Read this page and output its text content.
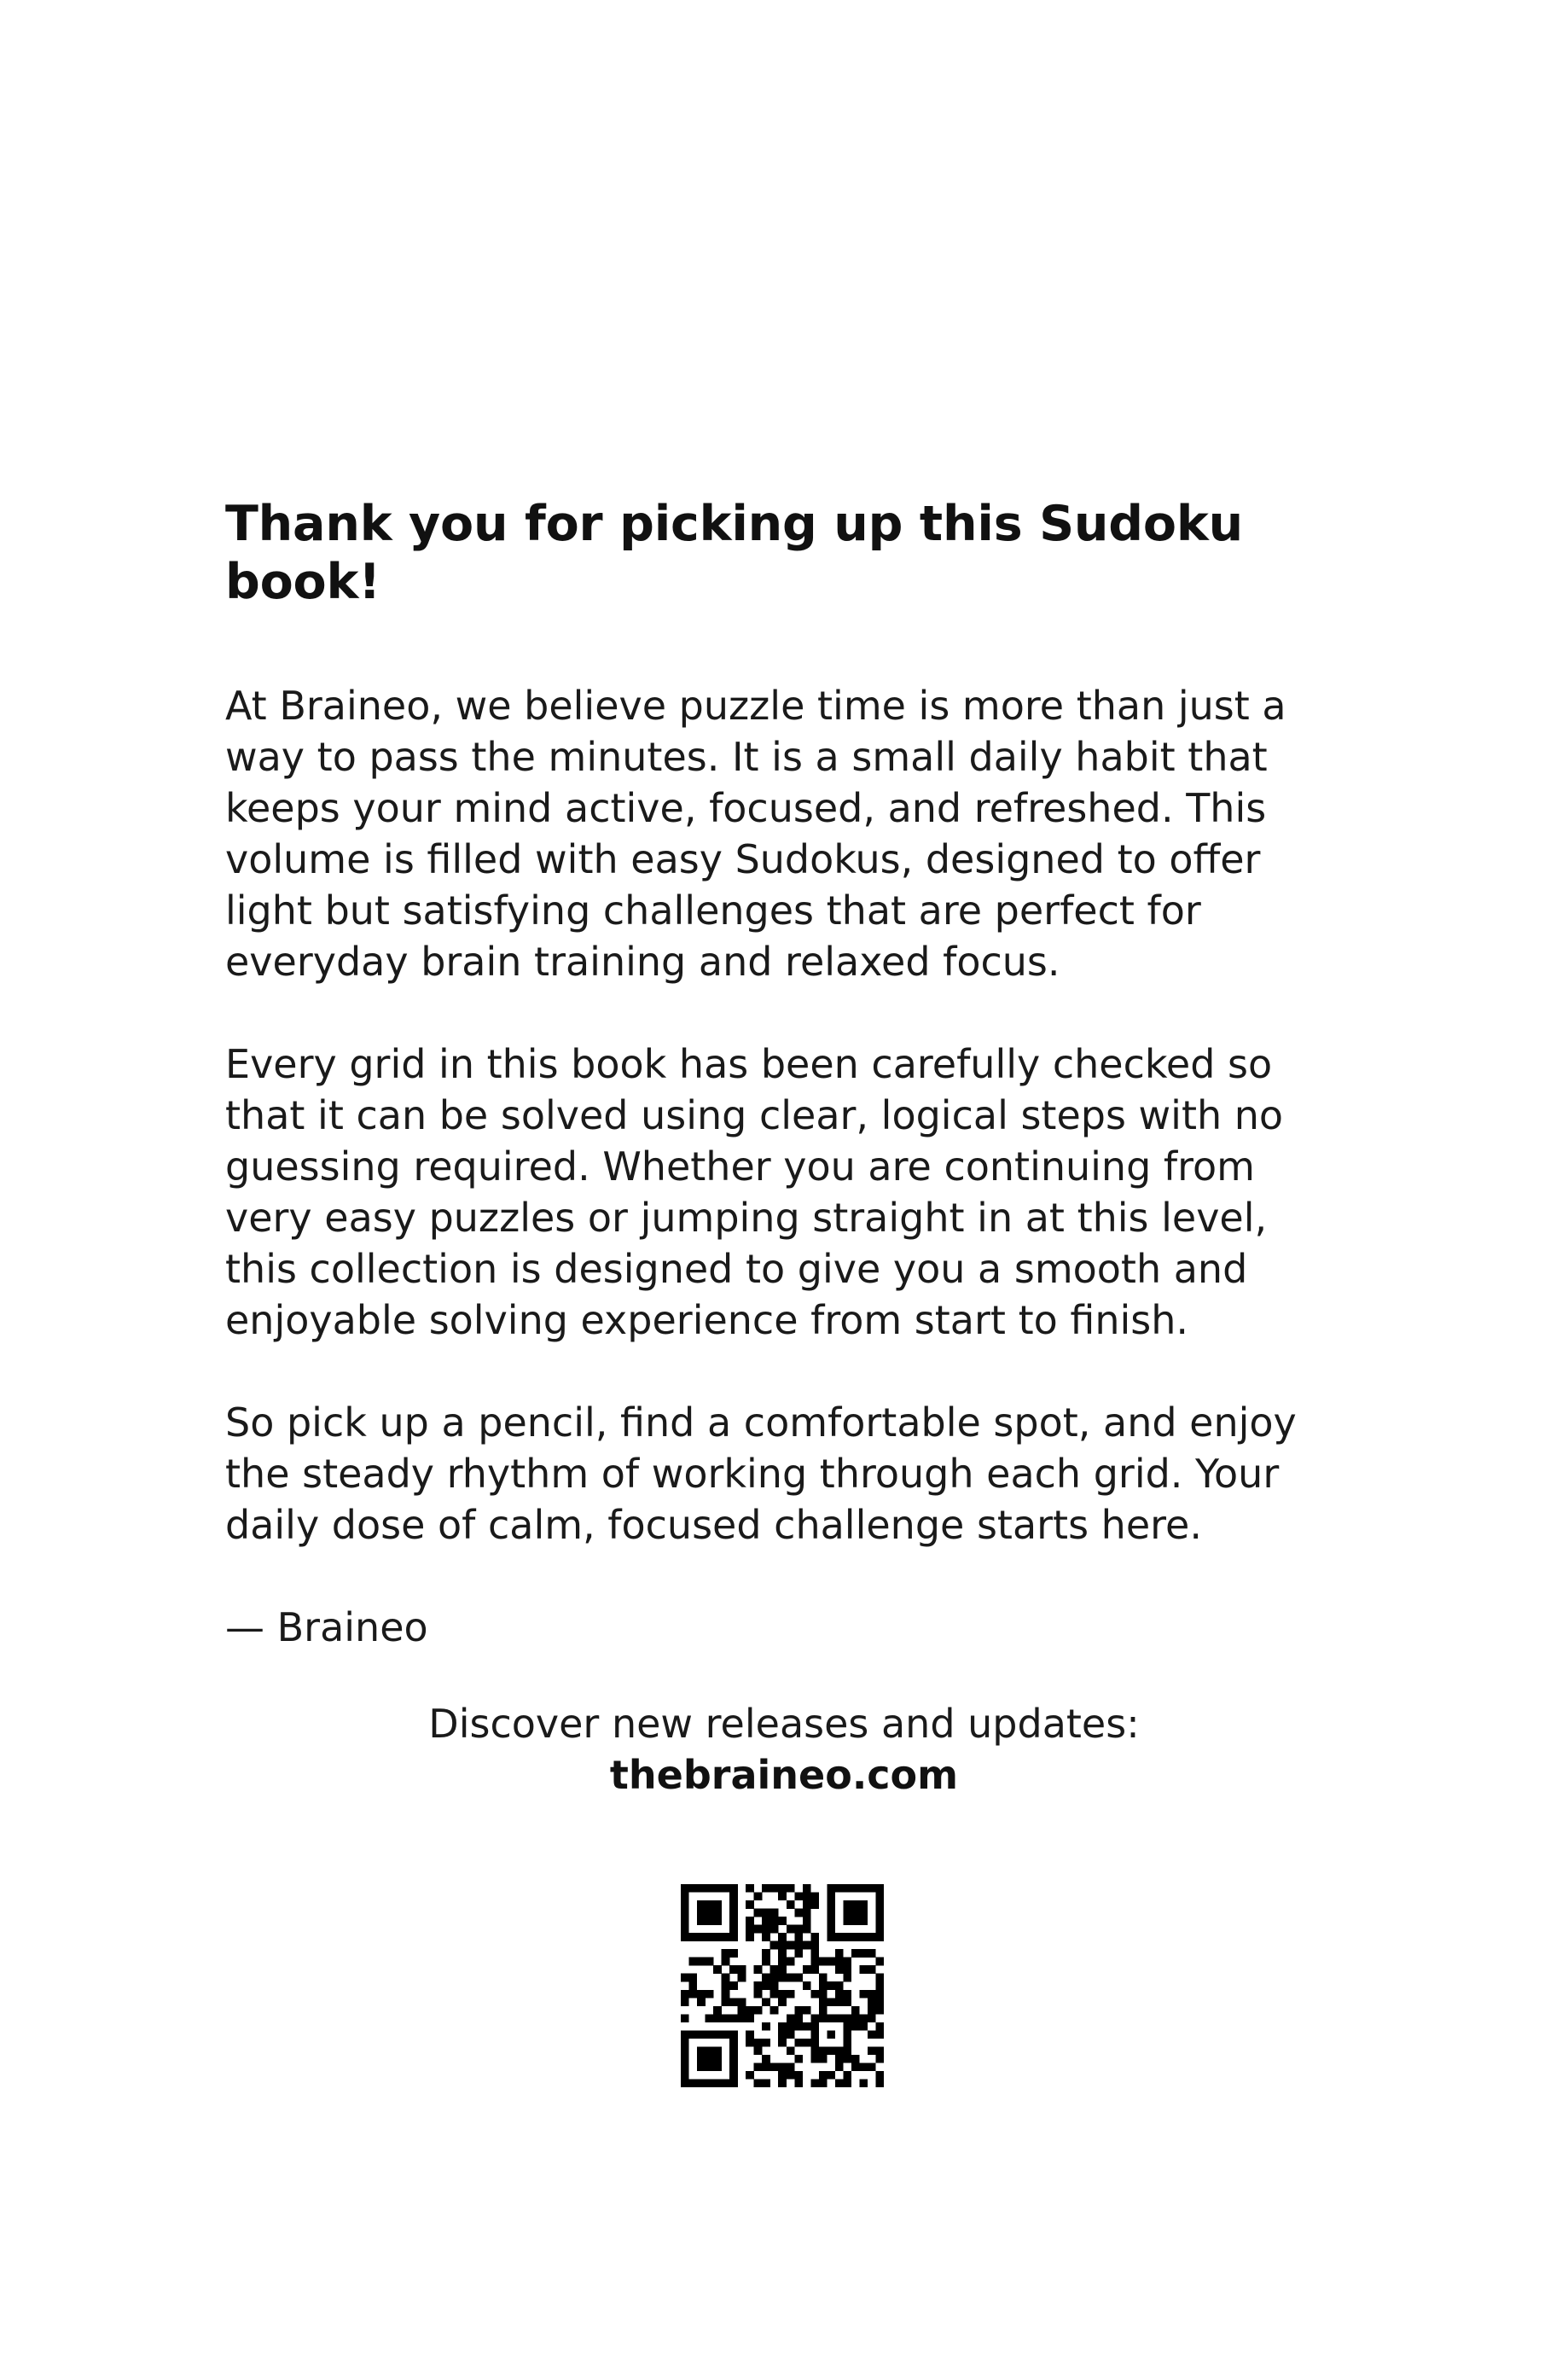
Thank you for picking up this Sudoku book!

At Braineo, we believe puzzle time is more than just a way to pass the minutes. It is a small daily habit that keeps your mind active, focused, and refreshed. This volume is filled with easy Sudokus, designed to offer light but satisfying challenges that are perfect for everyday brain training and relaxed focus.

Every grid in this book has been carefully checked so that it can be solved using clear, logical steps with no guessing required. Whether you are continuing from very easy puzzles or jumping straight in at this level, this collection is designed to give you a smooth and enjoyable solving experience from start to finish.

So pick up a pencil, find a comfortable spot, and enjoy the steady rhythm of working through each grid. Your daily dose of calm, focused challenge starts here.

— Braineo

Discover new releases and updates:
thebraineo.com
